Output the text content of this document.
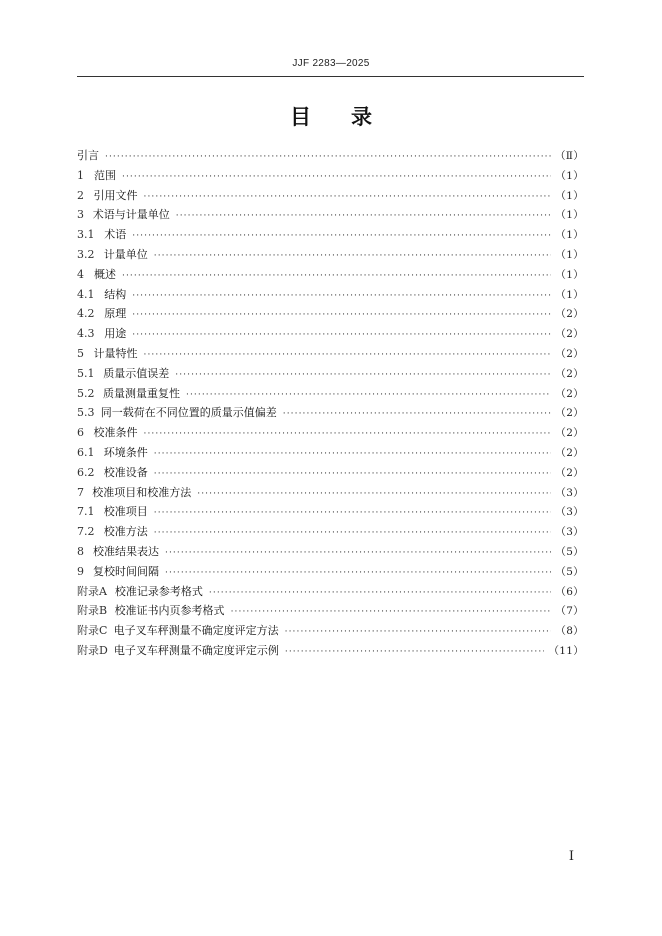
JJF 2283—2025
目 录
引言 ·····	（Ⅱ）
1 范围 ·····	（1）
2 引用文件 ·····	（1）
3 术语与计量单位 ·····	（1）
3.1 术语 ·····	（1）
3.2 计量单位 ·····	（1）
4 概述 ·····	（1）
4.1 结构 ·····	（1）
4.2 原理 ·····	（2）
4.3 用途 ·····	（2）
5 计量特性 ·····	（2）
5.1 质量示值误差 ·····	（2）
5.2 质量测量重复性 ·····	（2）
5.3 同一载荷在不同位置的质量示值偏差 ·····	（2）
6 校准条件 ·····	（2）
6.1 环境条件 ·····	（2）
6.2 校准设备 ·····	（2）
7 校准项目和校准方法 ·····	（3）
7.1 校准项目 ·····	（3）
7.2 校准方法 ·····	（3）
8 校准结果表达 ·····	（5）
9 复校时间间隔 ·····	（5）
附录A 校准记录参考格式 ·····	（6）
附录B 校准证书内页参考格式 ·····	（7）
附录C 电子叉车秤测量不确定度评定方法 ·····	（8）
附录D 电子叉车秤测量不确定度评定示例 ·····	（11）
Ⅰ
